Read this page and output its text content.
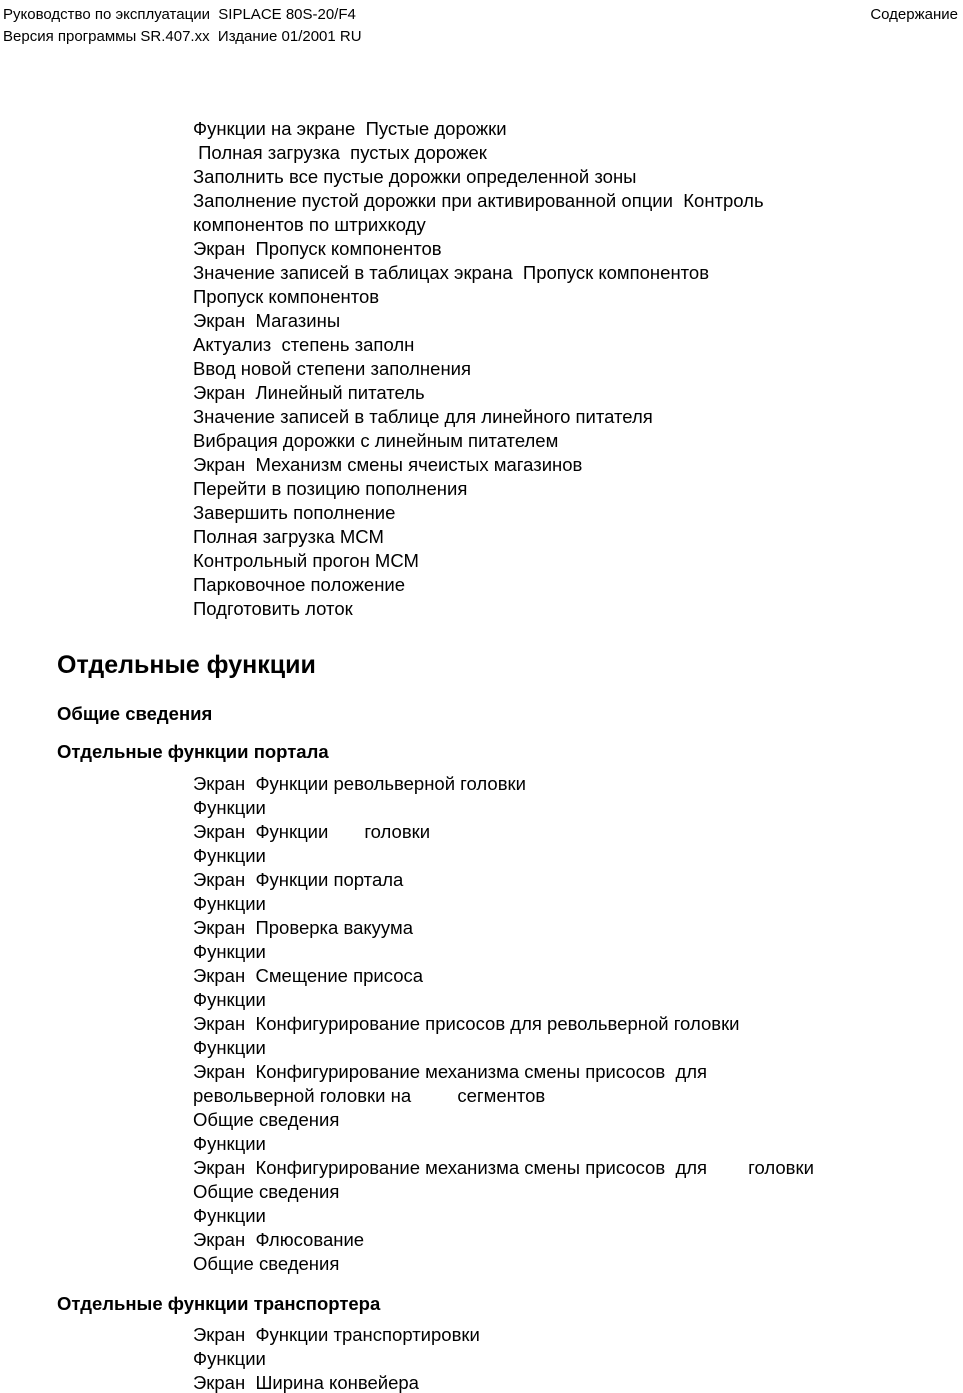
Руководство по эксплуатации  SIPLACE 80S-20/F4	Содержание
Версия программы SR.407.xx  Издание 01/2001 RU
Функции на экране  Пустые дорожки
Полная загрузка  пустых дорожек
Заполнить все пустые дорожки определенной зоны
Заполнение пустой дорожки при активированной опции  Контроль
компонентов по штрихкоду
Экран  Пропуск компонентов
Значение записей в таблицах экрана  Пропуск компонентов
Пропуск компонентов
Экран  Магазины
Актуализ  степень заполн
Ввод новой степени заполнения
Экран  Линейный питатель
Значение записей в таблице для линейного питателя
Вибрация дорожки с линейным питателем
Экран  Механизм смены ячеистых магазинов
Перейти в позицию пополнения
Завершить пополнение
Полная загрузка МСМ
Контрольный прогон МСМ
Парковочное положение
Подготовить лоток
Отдельные функции
Общие сведения
Отдельные функции портала
Экран  Функции револьверной головки
Функции
Экран  Функции       головки
Функции
Экран  Функции портала
Функции
Экран  Проверка вакуума
Функции
Экран  Смещение присоса
Функции
Экран  Конфигурирование присосов для револьверной головки
Функции
Экран  Конфигурирование механизма смены присосов  для
револьверной головки на         сегментов
Общие сведения
Функции
Экран  Конфигурирование механизма смены присосов  для        головки
Общие сведения
Функции
Экран  Флюсование
Общие сведения
Отдельные функции транспортера
Экран  Функции транспортировки
Функции
Экран  Ширина конвейера
